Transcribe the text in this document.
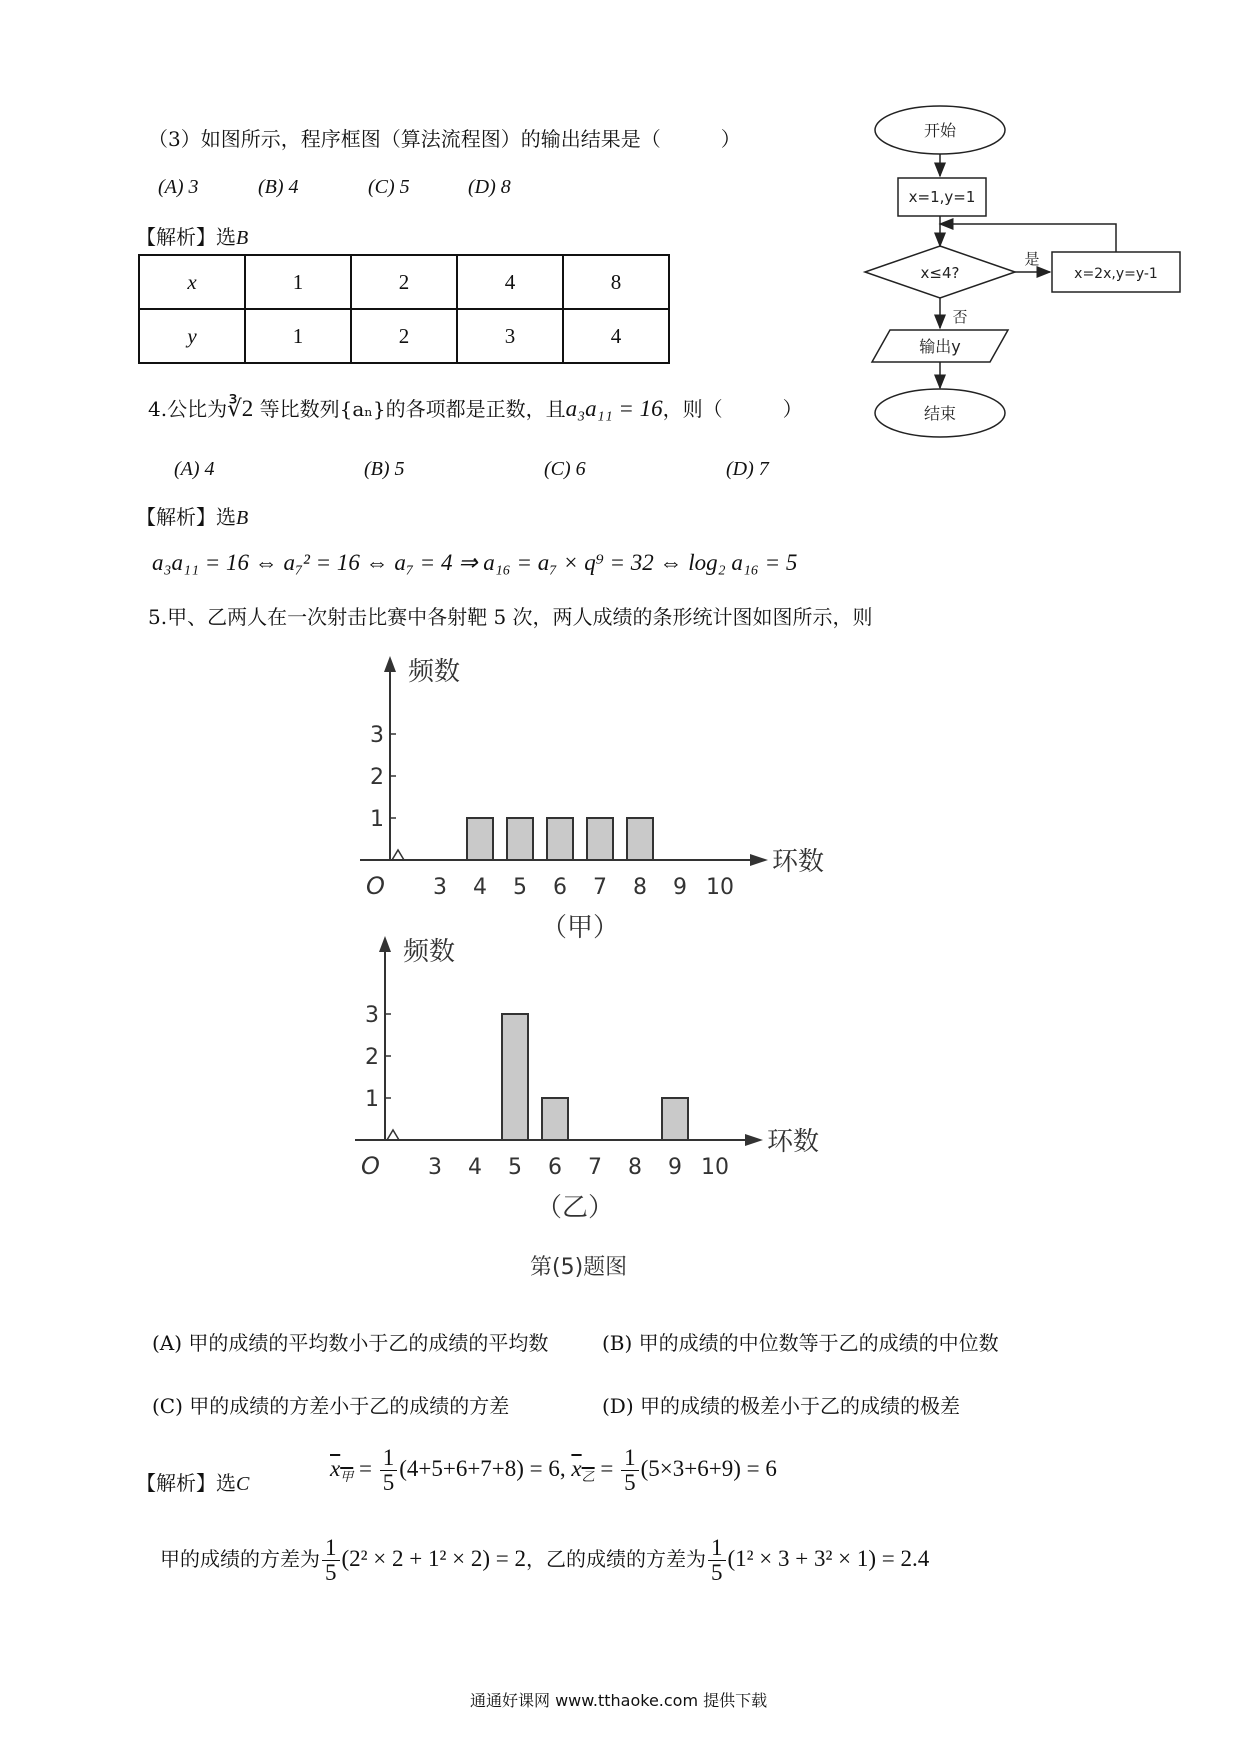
（3）如图所示，程序框图（算法流程图）的输出结果是（　　　）
(A) 3	(B) 4	(C) 5	(D) 8
【解析】选B
x	1	2	4	8
y	1	2	3	4
开始
x=1,y=1
x≤4?
是
否
x=2x,y=y-1
输出y
结束
4.公比为∛2 等比数列{aₙ}的各项都是正数，且a₃a₁₁ = 16，则（　　　）
(A) 4	(B) 5	(C) 6	(D) 7
【解析】选B
a₃a₁₁ = 16 ⇔ a₇² = 16 ⇔ a₇ = 4 ⇒ a₁₆ = a₇ × q⁹ = 32 ⇔ log₂ a₁₆ = 5
5.甲、乙两人在一次射击比赛中各射靶 5 次，两人成绩的条形统计图如图所示，则
频数
环数
O
1
2
3
3 4 5 6 7 8 9 10
（甲）
频数
环数
O
1
2
3
3 4 5 6 7 8 9 10
（乙）
第(5)题图
(A) 甲的成绩的平均数小于乙的成绩的平均数	(B) 甲的成绩的中位数等于乙的成绩的中位数
(C) 甲的成绩的方差小于乙的成绩的方差	(D) 甲的成绩的极差小于乙的成绩的极差
【解析】选C
$x_甲 = \frac{1}{5} (4+5+6+7+8) = 6$, $x_乙 = \frac{1}{5} (5\times 3+6+9) = 6$
甲的成绩的方差为 $\frac{1}{5} (2^2 \times 2 + 1^2 \times 2) = 2$，乙的成绩的方差为 $\frac{1}{5} (1^2 \times 3 + 3^2 \times 1) = 2.4$
通通好课网 www.tthaoke.com 提供下载
